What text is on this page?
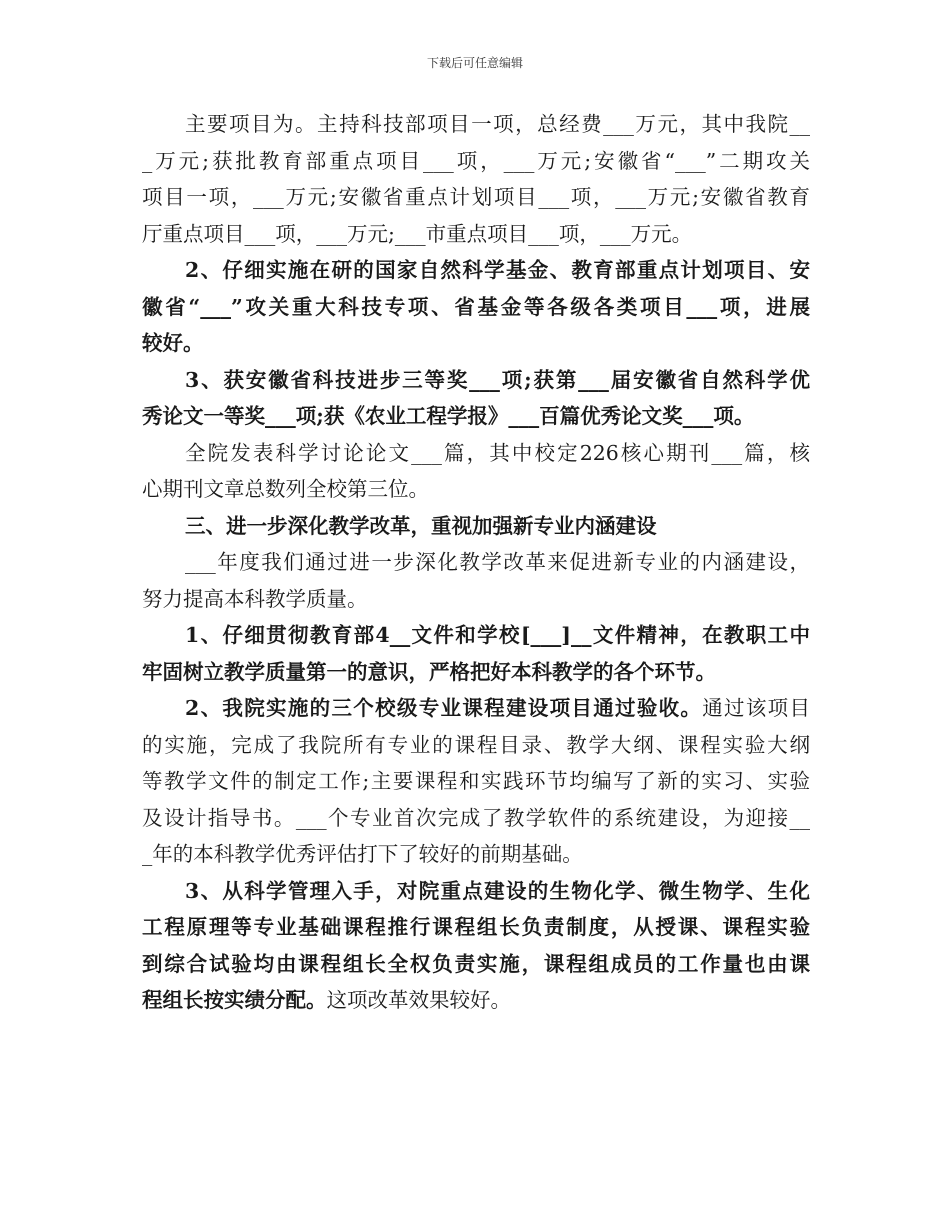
下载后可任意编辑
主要项目为。主持科技部项目一项，总经费___万元，其中我院__
_万元;获批教育部重点项目___项，___万元;安徽省“___”二期攻关
项目一项，___万元;安徽省重点计划项目___项，___万元;安徽省教育
厅重点项目___项，___万元;___市重点项目___项，___万元。
2、仔细实施在研的国家自然科学基金、教育部重点计划项目、安
徽省“___”攻关重大科技专项、省基金等各级各类项目___项，进展
较好。
3、获安徽省科技进步三等奖___项;获第___届安徽省自然科学优
秀论文一等奖___项;获《农业工程学报》___百篇优秀论文奖___项。
全院发表科学讨论论文___篇，其中校定226核心期刊___篇，核
心期刊文章总数列全校第三位。
三、进一步深化教学改革，重视加强新专业内涵建设
___年度我们通过进一步深化教学改革来促进新专业的内涵建设，
努力提高本科教学质量。
1、仔细贯彻教育部4__文件和学校[___]__文件精神，在教职工中
牢固树立教学质量第一的意识，严格把好本科教学的各个环节。
2、我院实施的三个校级专业课程建设项目通过验收。通过该项目
的实施，完成了我院所有专业的课程目录、教学大纲、课程实验大纲
等教学文件的制定工作;主要课程和实践环节均编写了新的实习、实验
及设计指导书。___个专业首次完成了教学软件的系统建设，为迎接__
_年的本科教学优秀评估打下了较好的前期基础。
3、从科学管理入手，对院重点建设的生物化学、微生物学、生化
工程原理等专业基础课程推行课程组长负责制度，从授课、课程实验
到综合试验均由课程组长全权负责实施，课程组成员的工作量也由课
程组长按实绩分配。这项改革效果较好。
